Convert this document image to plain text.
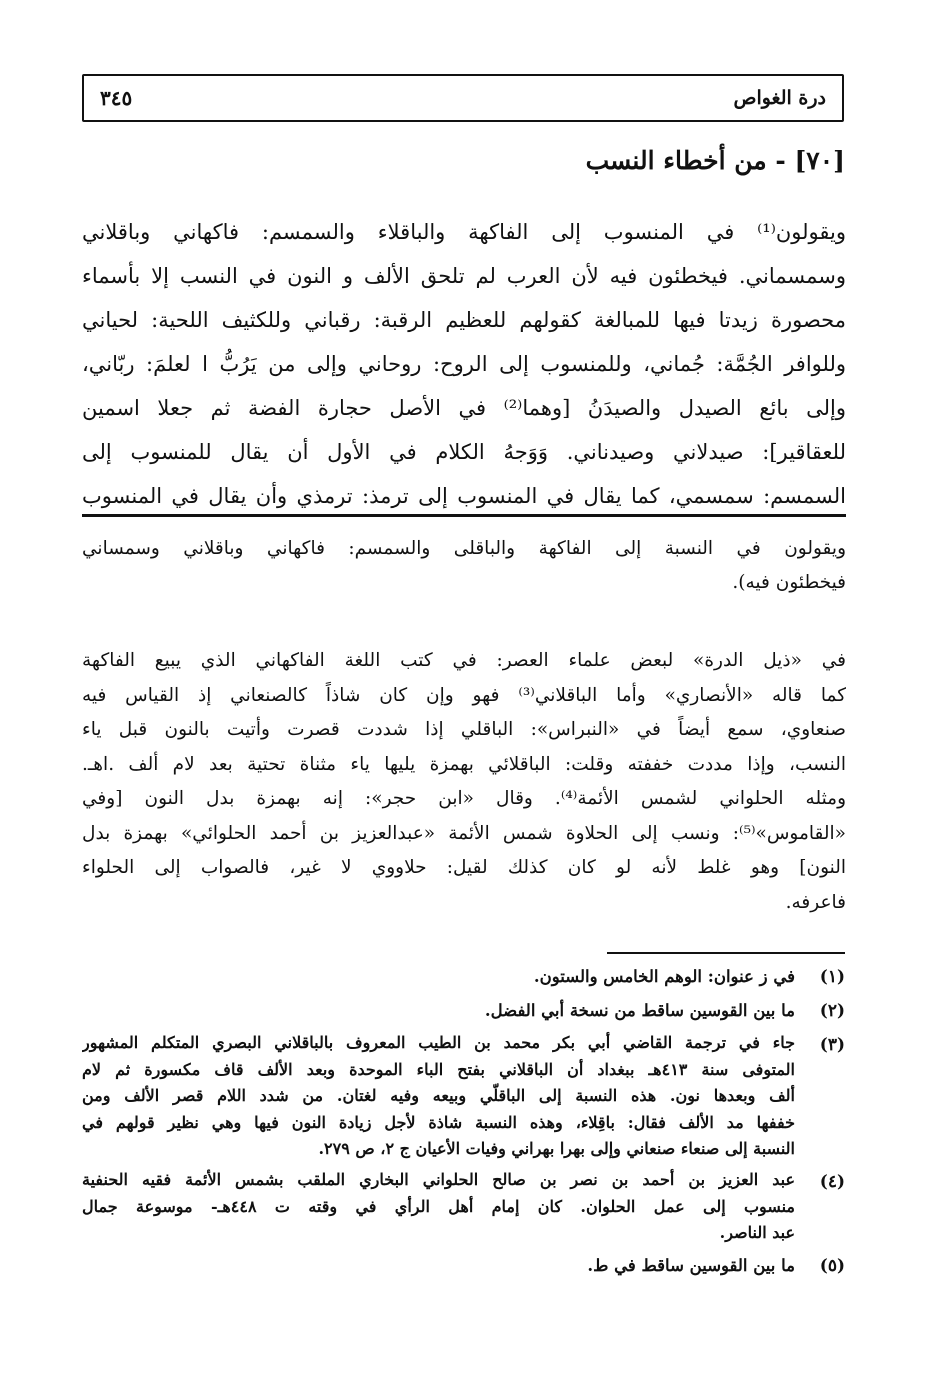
درة الغواص
٣٤٥
[٧٠] - من أخطاء النسب
ويقولون⁽¹⁾ في المنسوب إلى الفاكهة والباقلاء والسمسم: فاكهاني وباقلاني
وسمسماني. فيخطئون فيه لأن العرب لم تلحق الألف و النون في النسب إلا بأسماء
محصورة زيدتا فيها للمبالغة كقولهم للعظيم الرقبة: رقباني وللكثيف اللحية: لحياني
وللوافر الجُمَّة: جُماني، وللمنسوب إلى الروح: روحاني وإلى من يَرُبُّ ا لعلمَ: ربّاني،
وإلى بائع الصيدل والصيدَنُ [وهما⁽²⁾ في الأصل حجارة الفضة ثم جعلا اسمين
للعقاقير]: صيدلاني وصيدناني. وَوَجهُ الكلام في الأول أن يقال للمنسوب إلى
السمسم: سمسمي، كما يقال في المنسوب إلى ترمذ: ترمذي وأن يقال في المنسوب
ويقولون في النسبة إلى الفاكهة والباقلى والسمسم: فاكهاني وباقلاني وسمساني
فيخطئون فيه).
في «ذيل الدرة» لبعض علماء العصر: في كتب اللغة الفاكهاني الذي يبيع الفاكهة
كما قاله «الأنصاري» وأما الباقلاني⁽³⁾ فهو وإن كان شاذاً كالصنعاني إذ القياس فيه
صنعاوي، سمع أيضاً في «النبراس»: الباقلي إذا شددت قصرت وأتيت بالنون قبل ياء
النسب، وإذا مددت خففته وقلت: الباقلائي بهمزة يليها ياء مثناة تحتية بعد لام ألف .اهـ.
ومثله الحلواني لشمس الأئمة⁽⁴⁾. وقال «ابن حجر»: إنه بهمزة بدل النون [وفي
«القاموس»⁽⁵⁾: ونسب إلى الحلاوة شمس الأئمة «عبدالعزيز بن أحمد الحلوائي» بهمزة بدل
النون] وهو غلط لأنه لو كان كذلك لقيل: حلاووي لا غير، فالصواب إلى الحلواء
فاعرفه.
(١)
في ز عنوان: الوهم الخامس والستون.
(٢)
ما بين القوسين ساقط من نسخة أبي الفضل.
(٣)
جاء في ترجمة القاضي أبي بكر محمد بن الطيب المعروف بالباقلاني البصري المتكلم المشهور
المتوفى سنة ٤١٣هـ ببغداد أن الباقلاني بفتح الباء الموحدة وبعد الألف قاف مكسورة ثم لام
ألف وبعدها نون. هذه النسبة إلى الباقلّي وبيعه وفيه لغتان. من شدد اللام قصر الألف ومن
خففها مد الألف فقال: باقِلاء، وهذه النسبة شاذة لأجل زيادة النون فيها وهي نظير قولهم في
النسبة إلى صنعاء صنعاني وإلى بهرا بهراني وفيات الأعيان ج ٢، ص ٢٧٩.
(٤)
عبد العزيز بن أحمد بن نصر بن صالح الحلواني البخاري الملقب بشمس الأئمة فقيه الحنفية
منسوب إلى عمل الحلوان. كان إمام أهل الرأي في وقته ت ٤٤٨هـ- موسوعة جمال
عبد الناصر.
(٥)
ما بين القوسين ساقط في ط.
